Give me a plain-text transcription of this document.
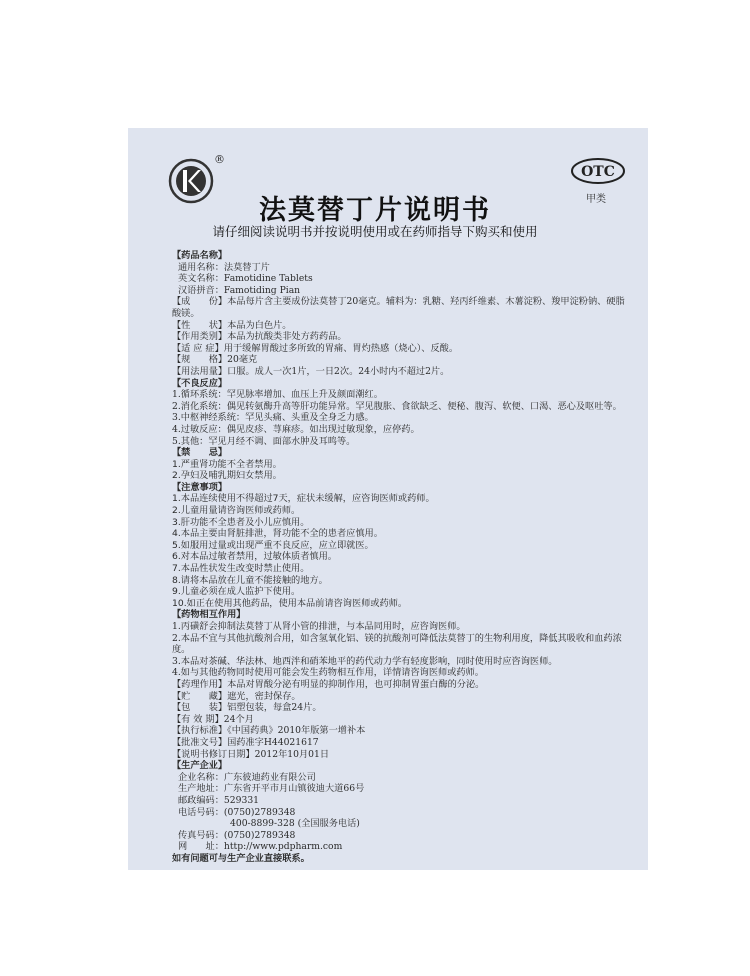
®
OTC
甲类
法莫替丁片说明书
请仔细阅读说明书并按说明使用或在药师指导下购买和使用
【药品名称】
通用名称：法莫替丁片
英文名称：Famotidine Tablets
汉语拼音：Famotiding Pian
【成　　份】本品每片含主要成份法莫替丁20毫克。辅料为：乳糖、羟丙纤维素、木薯淀粉、羧甲淀粉钠、硬脂酸镁。
【性　　状】本品为白色片。
【作用类别】本品为抗酸类非处方药药品。
【适 应 症】用于缓解胃酸过多所致的胃痛、胃灼热感（烧心）、反酸。
【规　　格】20毫克
【用法用量】口服。成人一次1片，一日2次。24小时内不超过2片。
【不良反应】
1.循环系统：罕见脉率增加、血压上升及颜面潮红。
2.消化系统：偶见转氨酶升高等肝功能异常。罕见腹胀、食欲缺乏、便秘、腹泻、软便、口渴、恶心及呕吐等。
3.中枢神经系统：罕见头痛、头重及全身乏力感。
4.过敏反应：偶见皮疹、荨麻疹。如出现过敏现象，应停药。
5.其他：罕见月经不调、面部水肿及耳鸣等。
【禁　　忌】
1.严重肾功能不全者禁用。
2.孕妇及哺乳期妇女禁用。
【注意事项】
1.本品连续使用不得超过7天，症状未缓解，应咨询医师或药师。
2.儿童用量请咨询医师或药师。
3.肝功能不全患者及小儿应慎用。
4.本品主要由肾脏排泄，肾功能不全的患者应慎用。
5.如服用过量或出现严重不良反应，应立即就医。
6.对本品过敏者禁用，过敏体质者慎用。
7.本品性状发生改变时禁止使用。
8.请将本品放在儿童不能接触的地方。
9.儿童必须在成人监护下使用。
10.如正在使用其他药品，使用本品前请咨询医师或药师。
【药物相互作用】
1.丙磺舒会抑制法莫替丁从肾小管的排泄，与本品同用时，应咨询医师。
2.本品不宜与其他抗酸剂合用，如含氢氧化铝、镁的抗酸剂可降低法莫替丁的生物利用度，降低其吸收和血药浓度。
3.本品对茶碱、华法林、地西泮和硝苯地平的药代动力学有轻度影响，同时使用时应咨询医师。
4.如与其他药物同时使用可能会发生药物相互作用，详情请咨询医师或药师。
【药理作用】本品对胃酸分泌有明显的抑制作用，也可抑制胃蛋白酶的分泌。
【贮　　藏】遮光，密封保存。
【包　　装】铝塑包装，每盒24片。
【有 效 期】24个月
【执行标准】《中国药典》2010年版第一增补本
【批准文号】国药准字H44021617
【说明书修订日期】2012年10月01日
【生产企业】
企业名称：广东彼迪药业有限公司
生产地址：广东省开平市月山镇彼迪大道66号
邮政编码：529331
电话号码：(0750)2789348
400-8899-328 (全国服务电话)
传真号码：(0750)2789348
网　　址：http://www.pdpharm.com
如有问题可与生产企业直接联系。
